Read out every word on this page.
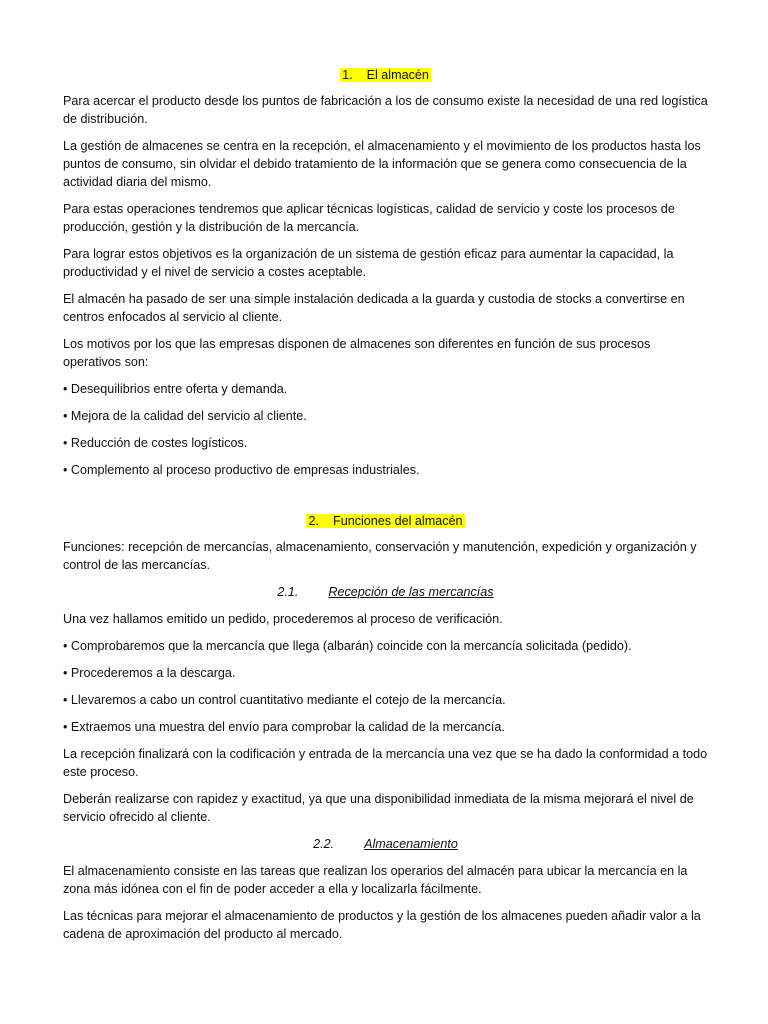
1. El almacén

Para acercar el producto desde los puntos de fabricación a los de consumo existe la necesidad de una red logística de distribución.

La gestión de almacenes se centra en la recepción, el almacenamiento y el movimiento de los productos hasta los puntos de consumo, sin olvidar el debido tratamiento de la información que se genera como consecuencia de la actividad diaria del mismo.

Para estas operaciones tendremos que aplicar técnicas logísticas, calidad de servicio y coste los procesos de producción, gestión y la distribución de la mercancía.

Para lograr estos objetivos es la organización de un sistema de gestión eficaz para aumentar la capacidad, la productividad y el nivel de servicio a costes aceptable.

El almacén ha pasado de ser una simple instalación dedicada a la guarda y custodia de stocks a convertirse en centros enfocados al servicio al cliente.

Los motivos por los que las empresas disponen de almacenes son diferentes en función de sus procesos operativos son:

• Desequilibrios entre oferta y demanda.

• Mejora de la calidad del servicio al cliente.

• Reducción de costes logísticos.

• Complemento al proceso productivo de empresas industriales.

2. Funciones del almacén

Funciones: recepción de mercancías, almacenamiento, conservación y manutención, expedición y organización y control de las mercancías.

2.1. Recepción de las mercancías

Una vez hallamos emitido un pedido, procederemos al proceso de verificación.

• Comprobaremos que la mercancía que llega (albarán) coincide con la mercancía solicitada (pedido).

• Procederemos a la descarga.

• Llevaremos a cabo un control cuantitativo mediante el cotejo de la mercancía.

• Extraemos una muestra del envío para comprobar la calidad de la mercancía.

La recepción finalizará con la codificación y entrada de la mercancía una vez que se ha dado la conformidad a todo este proceso.

Deberán realizarse con rapidez y exactitud, ya que una disponibilidad inmediata de la misma mejorará el nivel de servicio ofrecido al cliente.

2.2. Almacenamiento

El almacenamiento consiste en las tareas que realizan los operarios del almacén para ubicar la mercancía en la zona más idónea con el fin de poder acceder a ella y localizarla fácilmente.

Las técnicas para mejorar el almacenamiento de productos y la gestión de los almacenes pueden añadir valor a la cadena de aproximación del producto al mercado.
